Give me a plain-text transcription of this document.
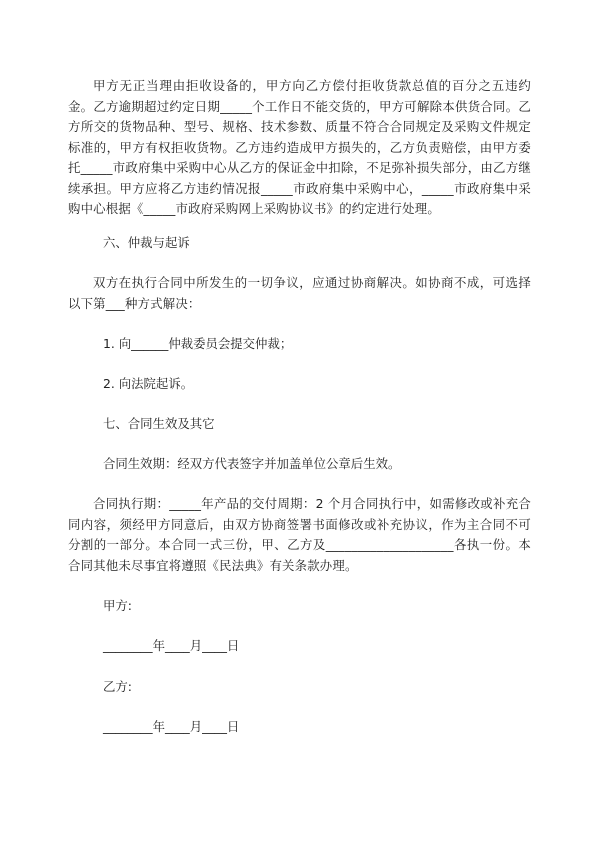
甲方无正当理由拒收设备的，甲方向乙方偿付拒收货款总值的百分之五违约金。乙方逾期超过约定日期_____个工作日不能交货的，甲方可解除本供货合同。乙方所交的货物品种、型号、规格、技术参数、质量不符合合同规定及采购文件规定标准的，甲方有权拒收货物。乙方违约造成甲方损失的，乙方负责赔偿，由甲方委托_____市政府集中采购中心从乙方的保证金中扣除，不足弥补损失部分，由乙方继续承担。甲方应将乙方违约情况报_____市政府集中采购中心，_____市政府集中采购中心根据《_____市政府采购网上采购协议书》的约定进行处理。

六、仲裁与起诉

双方在执行合同中所发生的一切争议，应通过协商解决。如协商不成，可选择以下第___种方式解决：

1. 向______仲裁委员会提交仲裁；

2. 向法院起诉。

七、合同生效及其它

合同生效期：经双方代表签字并加盖单位公章后生效。

合同执行期：_____年产品的交付周期：2 个月合同执行中，如需修改或补充合同内容，须经甲方同意后，由双方协商签署书面修改或补充协议，作为主合同不可分割的一部分。本合同一式三份，甲、乙方及____________________各执一份。本合同其他未尽事宜将遵照《民法典》有关条款办理。

甲方:

________年____月____日

乙方:

________年____月____日
